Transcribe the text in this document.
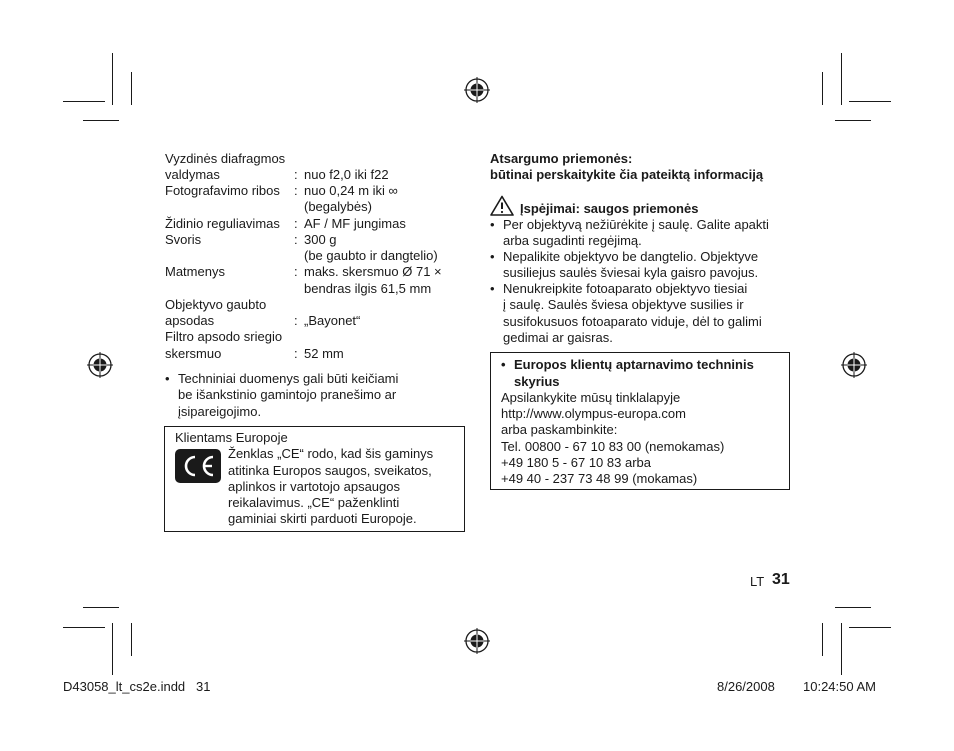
Vyzdinės diafragmos
valdymas	: nuo f2,0 iki f22
Fotografavimo ribos : nuo 0,24 m iki ∞
(begalybės)
Židinio reguliavimas : AF / MF jungimas
Svoris	: 300 g
(be gaubto ir dangtelio)
Matmenys	: maks. skersmuo Ø 71 ×
bendras ilgis 61,5 mm
Objektyvo gaubto
apsodas	: „Bayonet“
Filtro apsodo sriegio
skersmuo	: 52 mm
• Techniniai duomenys gali būti keičiami
be išankstinio gamintojo pranešimo ar
įsipareigojimo.
Klientams Europoje
Ženklas „CE“ rodo, kad šis gaminys
atitinka Europos saugos, sveikatos,
aplinkos ir vartotojo apsaugos
reikalavimus. „CE“ paženklinti
gaminiai skirti parduoti Europoje.
Atsargumo priemonės:
būtinai perskaitykite čia pateiktą informaciją
Įspėjimai: saugos priemonės
• Per objektyvą nežiūrėkite į saulę. Galite apakti
arba sugadinti regėjimą.
• Nepalikite objektyvo be dangtelio. Objektyve
susiliejus saulės šviesai kyla gaisro pavojus.
• Nenukreipkite fotoaparato objektyvo tiesiai
į saulę. Saulės šviesa objektyve susilies ir
susifokusuos fotoaparato viduje, dėl to galimi
gedimai ar gaisras.
• Europos klientų aptarnavimo techninis
skyrius
Apsilankykite mūsų tinklalapyje
http://www.olympus-europa.com
arba paskambinkite:
Tel. 00800 - 67 10 83 00 (nemokamas)
+49 180 5 - 67 10 83 arba
+49 40 - 237 73 48 99 (mokamas)
LT 31
D43058_lt_cs2e.indd   31	8/26/2008 10:24:50 AM
